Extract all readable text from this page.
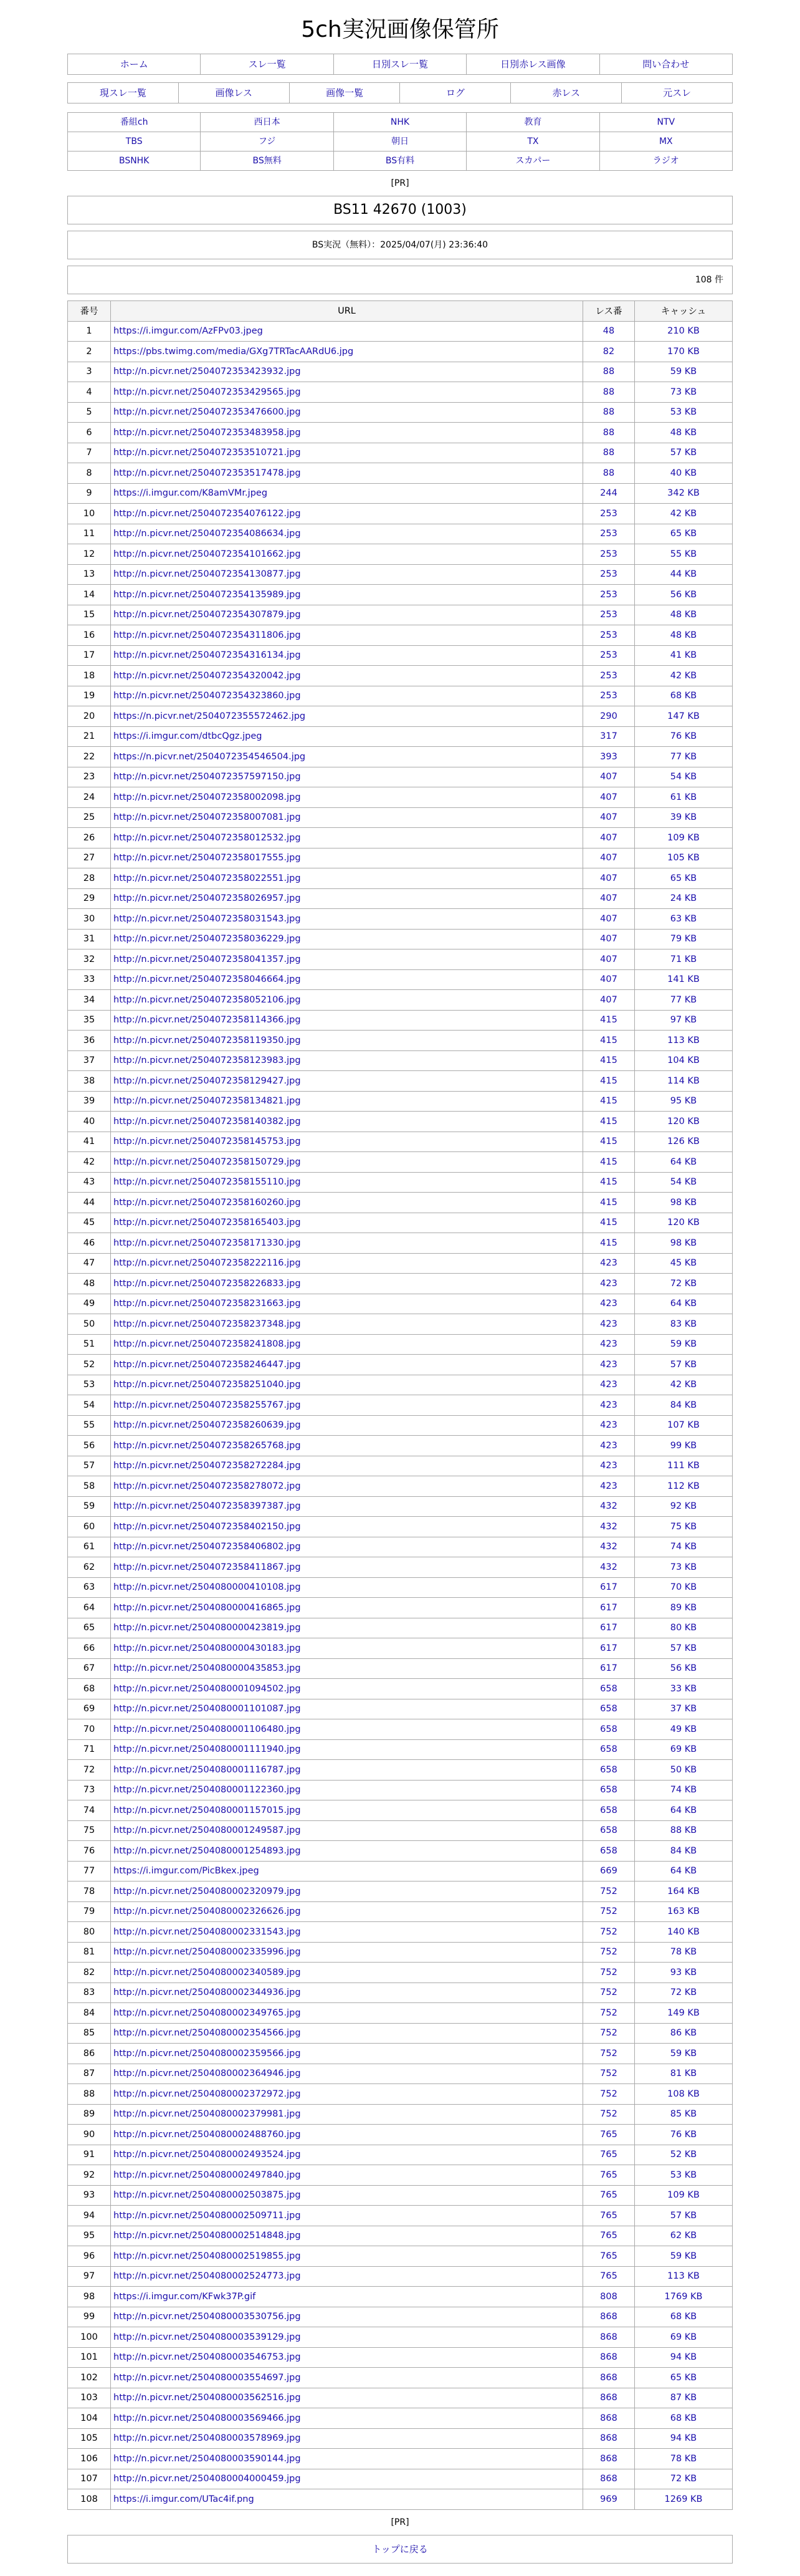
5ch実況画像保管所
ホーム	スレ一覧	日別スレ一覧	日別赤レス画像	問い合わせ
現スレ一覧	画像レス	画像一覧	ログ	赤レス	元スレ
番組ch	西日本	NHK	教育	NTV
TBS	フジ	朝日	TX	MX
BSNHK	BS無料	BS有料	スカパー	ラジオ
[PR]
BS11 42670 (1003)
BS実況（無料）：2025/04/07(月) 23:36:40
108 件
番号	URL	レス番	キャッシュ
1	https://i.imgur.com/AzFPv03.jpeg	48	210 KB
2	https://pbs.twimg.com/media/GXg7TRTacAARdU6.jpg	82	170 KB
3	http://n.picvr.net/2504072353423932.jpg	88	59 KB
4	http://n.picvr.net/2504072353429565.jpg	88	73 KB
5	http://n.picvr.net/2504072353476600.jpg	88	53 KB
6	http://n.picvr.net/2504072353483958.jpg	88	48 KB
7	http://n.picvr.net/2504072353510721.jpg	88	57 KB
8	http://n.picvr.net/2504072353517478.jpg	88	40 KB
9	https://i.imgur.com/K8amVMr.jpeg	244	342 KB
10	http://n.picvr.net/2504072354076122.jpg	253	42 KB
11	http://n.picvr.net/2504072354086634.jpg	253	65 KB
12	http://n.picvr.net/2504072354101662.jpg	253	55 KB
13	http://n.picvr.net/2504072354130877.jpg	253	44 KB
14	http://n.picvr.net/2504072354135989.jpg	253	56 KB
15	http://n.picvr.net/2504072354307879.jpg	253	48 KB
16	http://n.picvr.net/2504072354311806.jpg	253	48 KB
17	http://n.picvr.net/2504072354316134.jpg	253	41 KB
18	http://n.picvr.net/2504072354320042.jpg	253	42 KB
19	http://n.picvr.net/2504072354323860.jpg	253	68 KB
20	https://n.picvr.net/2504072355572462.jpg	290	147 KB
21	https://i.imgur.com/dtbcQgz.jpeg	317	76 KB
22	https://n.picvr.net/2504072354546504.jpg	393	77 KB
23	http://n.picvr.net/2504072357597150.jpg	407	54 KB
24	http://n.picvr.net/2504072358002098.jpg	407	61 KB
25	http://n.picvr.net/2504072358007081.jpg	407	39 KB
26	http://n.picvr.net/2504072358012532.jpg	407	109 KB
27	http://n.picvr.net/2504072358017555.jpg	407	105 KB
28	http://n.picvr.net/2504072358022551.jpg	407	65 KB
29	http://n.picvr.net/2504072358026957.jpg	407	24 KB
30	http://n.picvr.net/2504072358031543.jpg	407	63 KB
31	http://n.picvr.net/2504072358036229.jpg	407	79 KB
32	http://n.picvr.net/2504072358041357.jpg	407	71 KB
33	http://n.picvr.net/2504072358046664.jpg	407	141 KB
34	http://n.picvr.net/2504072358052106.jpg	407	77 KB
35	http://n.picvr.net/2504072358114366.jpg	415	97 KB
36	http://n.picvr.net/2504072358119350.jpg	415	113 KB
37	http://n.picvr.net/2504072358123983.jpg	415	104 KB
38	http://n.picvr.net/2504072358129427.jpg	415	114 KB
39	http://n.picvr.net/2504072358134821.jpg	415	95 KB
40	http://n.picvr.net/2504072358140382.jpg	415	120 KB
41	http://n.picvr.net/2504072358145753.jpg	415	126 KB
42	http://n.picvr.net/2504072358150729.jpg	415	64 KB
43	http://n.picvr.net/2504072358155110.jpg	415	54 KB
44	http://n.picvr.net/2504072358160260.jpg	415	98 KB
45	http://n.picvr.net/2504072358165403.jpg	415	120 KB
46	http://n.picvr.net/2504072358171330.jpg	415	98 KB
47	http://n.picvr.net/2504072358222116.jpg	423	45 KB
48	http://n.picvr.net/2504072358226833.jpg	423	72 KB
49	http://n.picvr.net/2504072358231663.jpg	423	64 KB
50	http://n.picvr.net/2504072358237348.jpg	423	83 KB
51	http://n.picvr.net/2504072358241808.jpg	423	59 KB
52	http://n.picvr.net/2504072358246447.jpg	423	57 KB
53	http://n.picvr.net/2504072358251040.jpg	423	42 KB
54	http://n.picvr.net/2504072358255767.jpg	423	84 KB
55	http://n.picvr.net/2504072358260639.jpg	423	107 KB
56	http://n.picvr.net/2504072358265768.jpg	423	99 KB
57	http://n.picvr.net/2504072358272284.jpg	423	111 KB
58	http://n.picvr.net/2504072358278072.jpg	423	112 KB
59	http://n.picvr.net/2504072358397387.jpg	432	92 KB
60	http://n.picvr.net/2504072358402150.jpg	432	75 KB
61	http://n.picvr.net/2504072358406802.jpg	432	74 KB
62	http://n.picvr.net/2504072358411867.jpg	432	73 KB
63	http://n.picvr.net/2504080000410108.jpg	617	70 KB
64	http://n.picvr.net/2504080000416865.jpg	617	89 KB
65	http://n.picvr.net/2504080000423819.jpg	617	80 KB
66	http://n.picvr.net/2504080000430183.jpg	617	57 KB
67	http://n.picvr.net/2504080000435853.jpg	617	56 KB
68	http://n.picvr.net/2504080001094502.jpg	658	33 KB
69	http://n.picvr.net/2504080001101087.jpg	658	37 KB
70	http://n.picvr.net/2504080001106480.jpg	658	49 KB
71	http://n.picvr.net/2504080001111940.jpg	658	69 KB
72	http://n.picvr.net/2504080001116787.jpg	658	50 KB
73	http://n.picvr.net/2504080001122360.jpg	658	74 KB
74	http://n.picvr.net/2504080001157015.jpg	658	64 KB
75	http://n.picvr.net/2504080001249587.jpg	658	88 KB
76	http://n.picvr.net/2504080001254893.jpg	658	84 KB
77	https://i.imgur.com/PicBkex.jpeg	669	64 KB
78	http://n.picvr.net/2504080002320979.jpg	752	164 KB
79	http://n.picvr.net/2504080002326626.jpg	752	163 KB
80	http://n.picvr.net/2504080002331543.jpg	752	140 KB
81	http://n.picvr.net/2504080002335996.jpg	752	78 KB
82	http://n.picvr.net/2504080002340589.jpg	752	93 KB
83	http://n.picvr.net/2504080002344936.jpg	752	72 KB
84	http://n.picvr.net/2504080002349765.jpg	752	149 KB
85	http://n.picvr.net/2504080002354566.jpg	752	86 KB
86	http://n.picvr.net/2504080002359566.jpg	752	59 KB
87	http://n.picvr.net/2504080002364946.jpg	752	81 KB
88	http://n.picvr.net/2504080002372972.jpg	752	108 KB
89	http://n.picvr.net/2504080002379981.jpg	752	85 KB
90	http://n.picvr.net/2504080002488760.jpg	765	76 KB
91	http://n.picvr.net/2504080002493524.jpg	765	52 KB
92	http://n.picvr.net/2504080002497840.jpg	765	53 KB
93	http://n.picvr.net/2504080002503875.jpg	765	109 KB
94	http://n.picvr.net/2504080002509711.jpg	765	57 KB
95	http://n.picvr.net/2504080002514848.jpg	765	62 KB
96	http://n.picvr.net/2504080002519855.jpg	765	59 KB
97	http://n.picvr.net/2504080002524773.jpg	765	113 KB
98	https://i.imgur.com/KFwk37P.gif	808	1769 KB
99	http://n.picvr.net/2504080003530756.jpg	868	68 KB
100	http://n.picvr.net/2504080003539129.jpg	868	69 KB
101	http://n.picvr.net/2504080003546753.jpg	868	94 KB
102	http://n.picvr.net/2504080003554697.jpg	868	65 KB
103	http://n.picvr.net/2504080003562516.jpg	868	87 KB
104	http://n.picvr.net/2504080003569466.jpg	868	68 KB
105	http://n.picvr.net/2504080003578969.jpg	868	94 KB
106	http://n.picvr.net/2504080003590144.jpg	868	78 KB
107	http://n.picvr.net/2504080004000459.jpg	868	72 KB
108	https://i.imgur.com/UTac4if.png	969	1269 KB
[PR]
トップに戻る
